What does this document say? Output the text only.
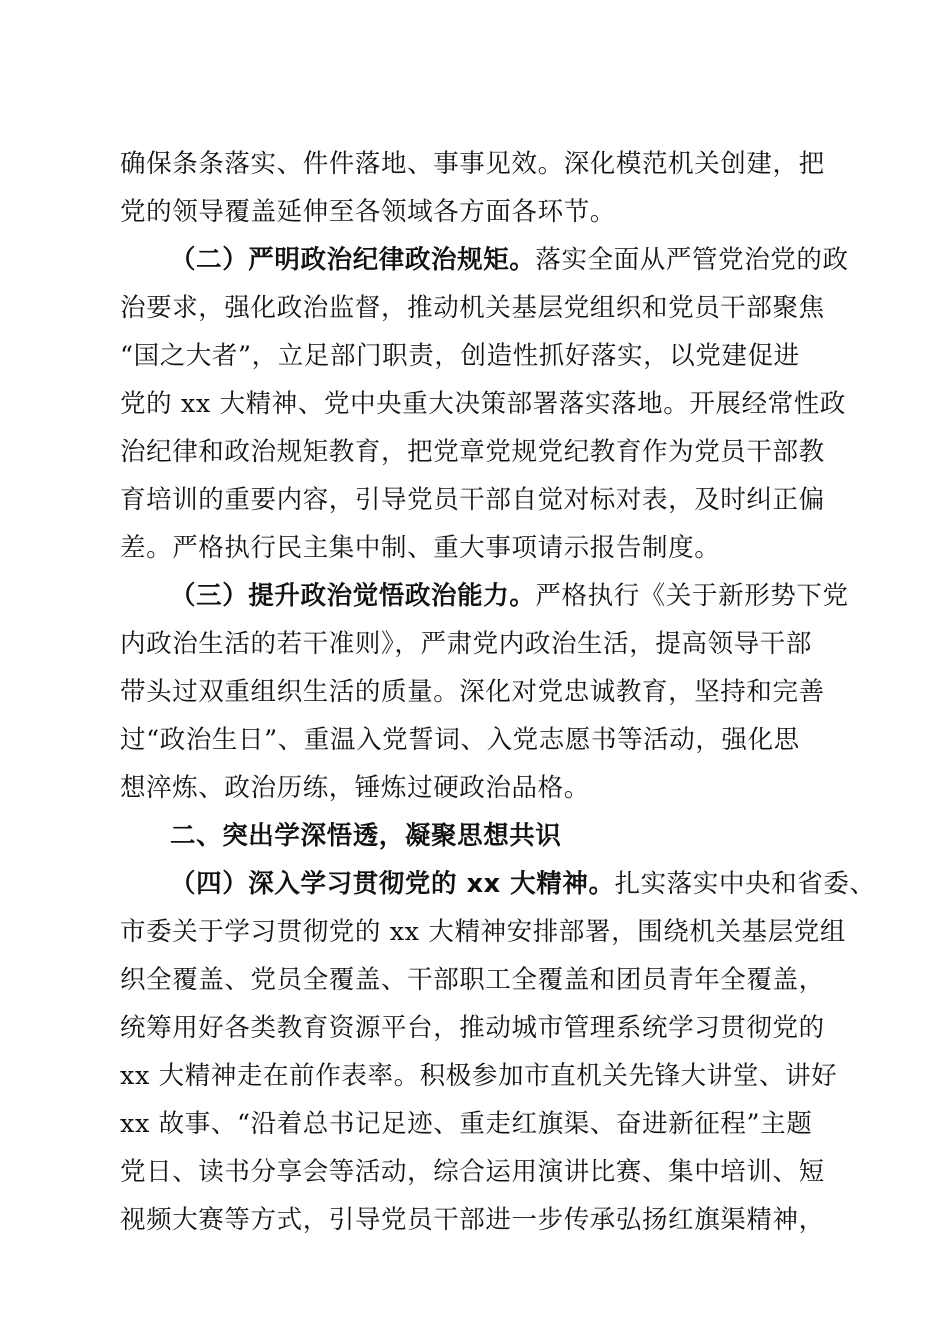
确保条条落实、件件落地、事事见效。深化模范机关创建，把
党的领导覆盖延伸至各领域各方面各环节。
（二）严明政治纪律政治规矩。落实全面从严管党治党的政
治要求，强化政治监督，推动机关基层党组织和党员干部聚焦
“国之大者”，立足部门职责，创造性抓好落实，以党建促进
党的 xx 大精神、党中央重大决策部署落实落地。开展经常性政
治纪律和政治规矩教育，把党章党规党纪教育作为党员干部教
育培训的重要内容，引导党员干部自觉对标对表，及时纠正偏
差。严格执行民主集中制、重大事项请示报告制度。
（三）提升政治觉悟政治能力。严格执行《关于新形势下党
内政治生活的若干准则》，严肃党内政治生活，提高领导干部
带头过双重组织生活的质量。深化对党忠诚教育，坚持和完善
过“政治生日”、重温入党誓词、入党志愿书等活动，强化思
想淬炼、政治历练，锤炼过硬政治品格。
二、突出学深悟透，凝聚思想共识
（四）深入学习贯彻党的 xx 大精神。扎实落实中央和省委、
市委关于学习贯彻党的 xx 大精神安排部署，围绕机关基层党组
织全覆盖、党员全覆盖、干部职工全覆盖和团员青年全覆盖，
统筹用好各类教育资源平台，推动城市管理系统学习贯彻党的
xx 大精神走在前作表率。积极参加市直机关先锋大讲堂、讲好
xx 故事、“沿着总书记足迹、重走红旗渠、奋进新征程”主题
党日、读书分享会等活动，综合运用演讲比赛、集中培训、短
视频大赛等方式，引导党员干部进一步传承弘扬红旗渠精神，
